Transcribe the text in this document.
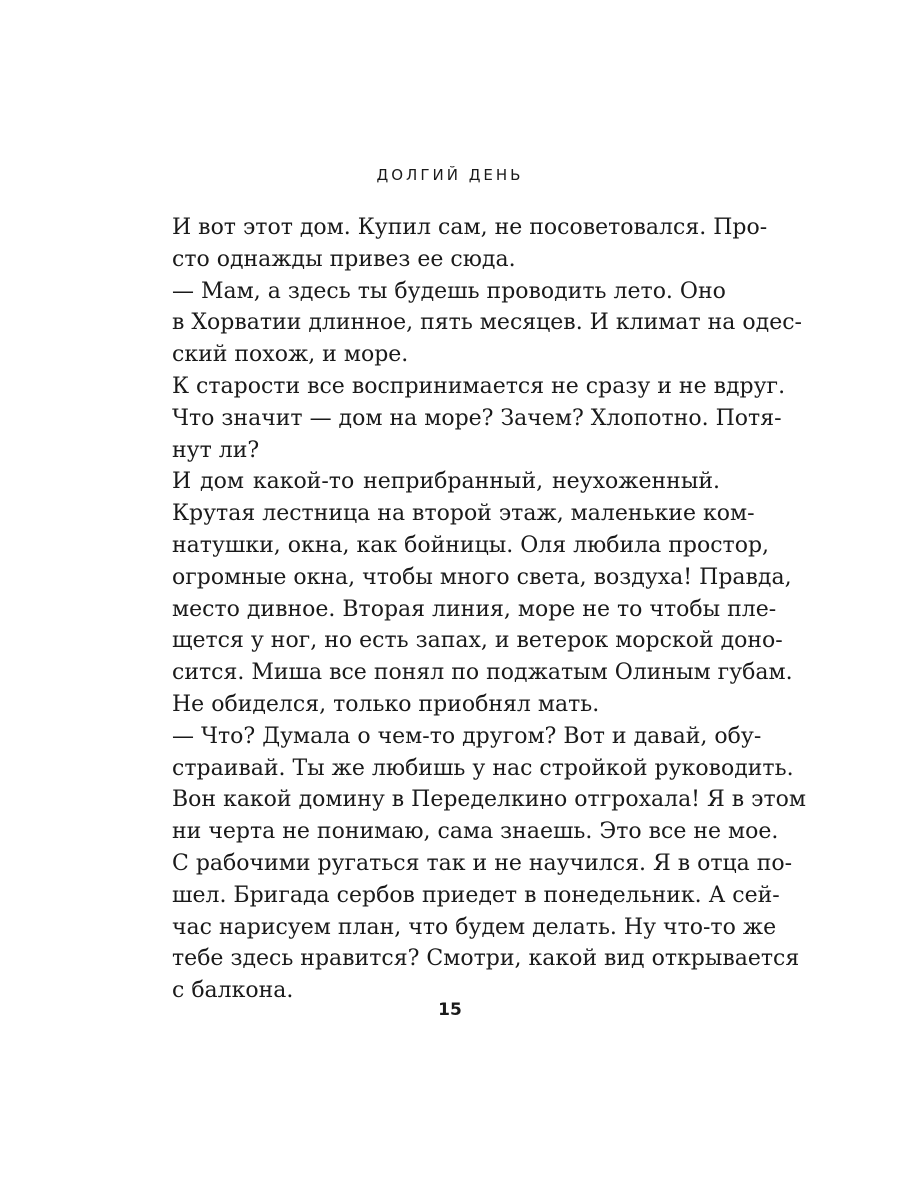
ДОЛГИЙ ДЕНЬ
И вот этот дом. Купил сам, не посоветовался. Про-
сто однажды привез ее сюда.
— Мам, а здесь ты будешь проводить лето. Оно
в Хорватии длинное, пять месяцев. И климат на одес-
ский похож, и море.
К старости все воспринимается не сразу и не вдруг.
Что значит — дом на море? Зачем? Хлопотно. Потя-
нут ли?
И дом какой-то неприбранный, неухоженный.
Крутая лестница на второй этаж, маленькие ком-
натушки, окна, как бойницы. Оля любила простор,
огромные окна, чтобы много света, воздуха! Правда,
место дивное. Вторая линия, море не то чтобы пле-
щется у ног, но есть запах, и ветерок морской доно-
сится. Миша все понял по поджатым Олиным губам.
Не обиделся, только приобнял мать.
— Что? Думала о чем-то другом? Вот и давай, обу-
страивай. Ты же любишь у нас стройкой руководить.
Вон какой домину в Переделкино отгрохала! Я в этом
ни черта не понимаю, сама знаешь. Это все не мое.
С рабочими ругаться так и не научился. Я в отца по-
шел. Бригада сербов приедет в понедельник. А сей-
час нарисуем план, что будем делать. Ну что-то же
тебе здесь нравится? Смотри, какой вид открывается
с балкона.
15
